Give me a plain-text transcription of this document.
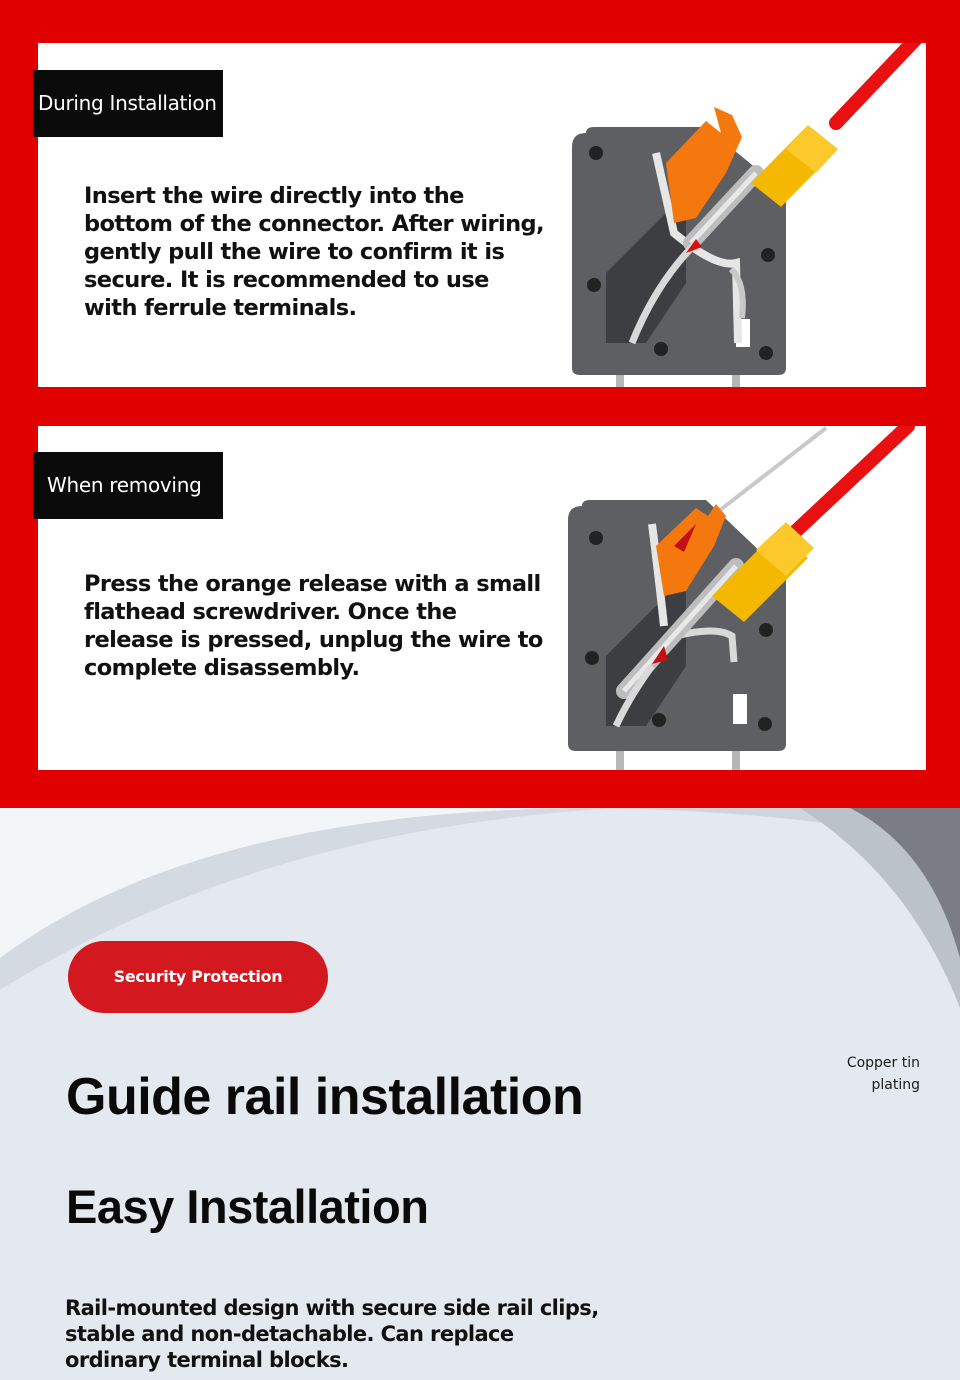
During Installation

Insert the wire directly into the bottom of the connector. After wiring, gently pull the wire to confirm it is secure. It is recommended to use with ferrule terminals.

When removing

Press the orange release with a small flathead screwdriver. Once the release is pressed, unplug the wire to complete disassembly.

Security Protection
Copper tin plating
Guide rail installation
Easy Installation

Rail-mounted design with secure side rail clips, stable and non-detachable. Can replace ordinary terminal blocks.
